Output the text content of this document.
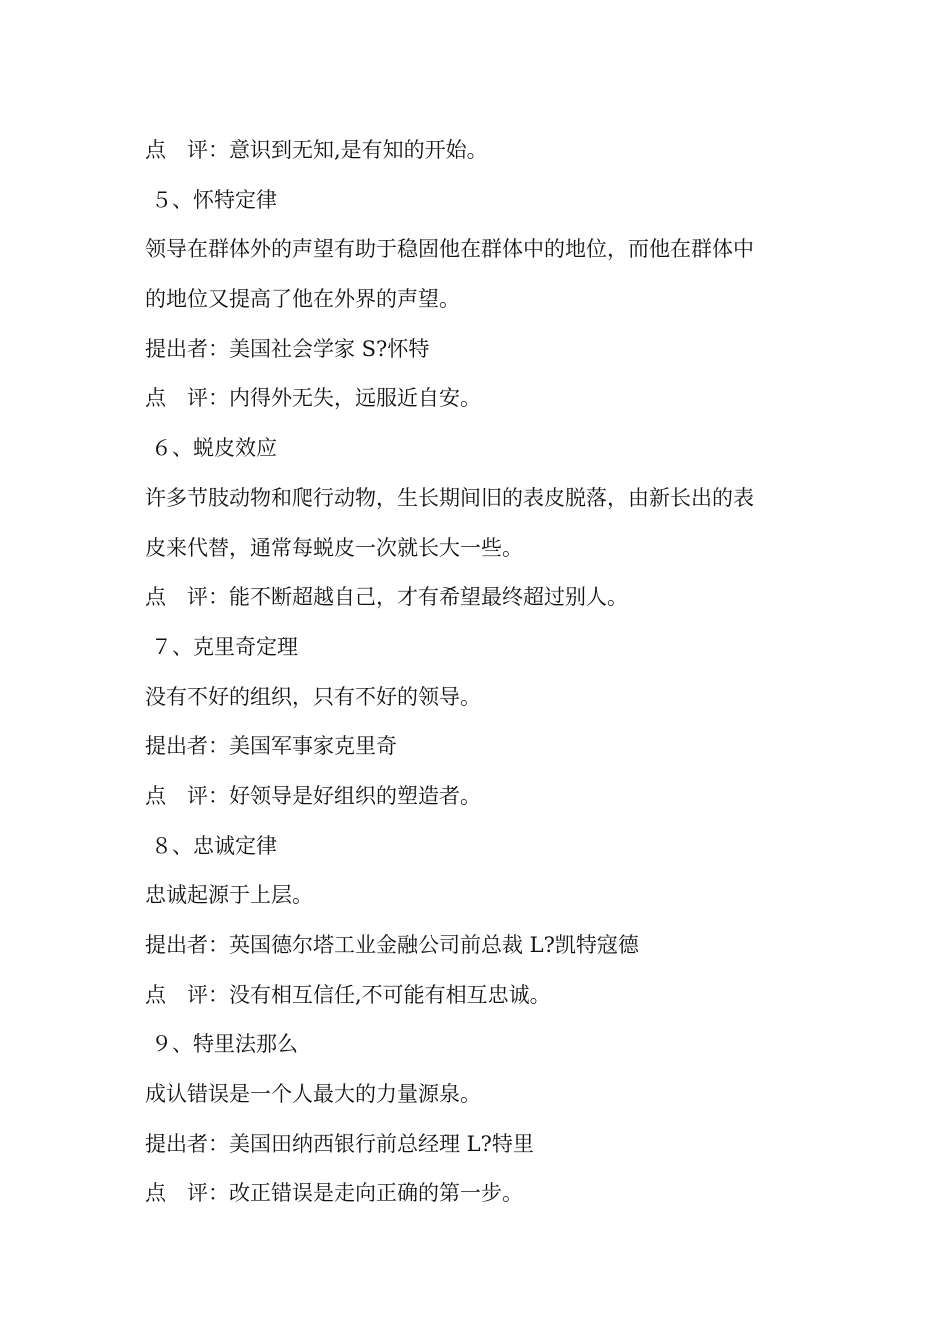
点　评：意识到无知,是有知的开始。
５、怀特定律
领导在群体外的声望有助于稳固他在群体中的地位，而他在群体中
的地位又提高了他在外界的声望。
提出者：美国社会学家 S?怀特
点　评：内得外无失，远服近自安。
６、蜕皮效应
许多节肢动物和爬行动物，生长期间旧的表皮脱落，由新长出的表
皮来代替，通常每蜕皮一次就长大一些。
点　评：能不断超越自己，才有希望最终超过别人。
７、克里奇定理
没有不好的组织，只有不好的领导。
提出者：美国军事家克里奇
点　评：好领导是好组织的塑造者。
８、忠诚定律
忠诚起源于上层。
提出者：英国德尔塔工业金融公司前总裁 L?凯特寇德
点　评：没有相互信任,不可能有相互忠诚。
９、特里法那么
成认错误是一个人最大的力量源泉。
提出者：美国田纳西银行前总经理 L?特里
点　评：改正错误是走向正确的第一步。
